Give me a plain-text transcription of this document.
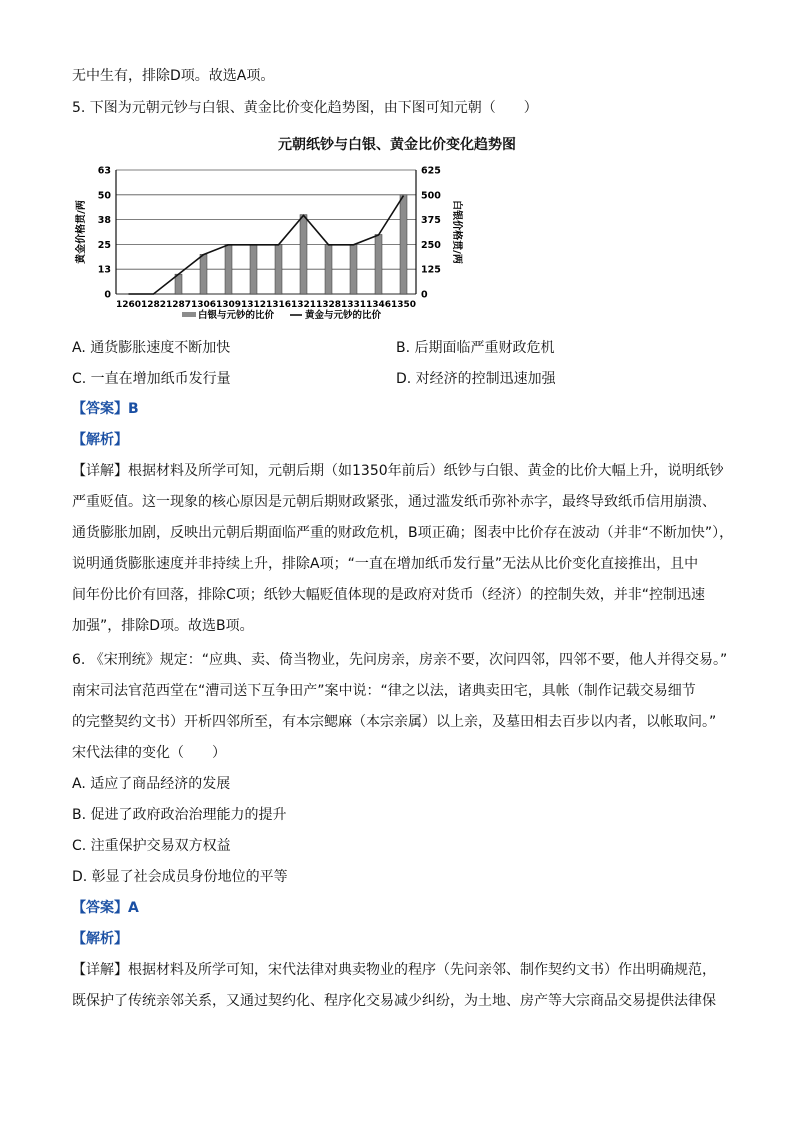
无中生有，排除D项。故选A项。
5. 下图为元朝元钞与白银、黄金比价变化趋势图，由下图可知元朝（　　）
元朝纸钞与白银、黄金比价变化趋势图
0
13
25
38
50
63
0
125
250
375
500
625
1260 1282 1287 1306 1309 1312 1316 1321 1328 1331 1346 1350
黄金价格贯/两	白银价格贯/两
白银与元钞的比价	黄金与元钞的比价
A. 通货膨胀速度不断加快	B. 后期面临严重财政危机
C. 一直在增加纸币发行量	D. 对经济的控制迅速加强
【答案】B
【解析】
【详解】根据材料及所学可知，元朝后期（如1350年前后）纸钞与白银、黄金的比价大幅上升，说明纸钞
严重贬值。这一现象的核心原因是元朝后期财政紧张，通过滥发纸币弥补赤字，最终导致纸币信用崩溃、
通货膨胀加剧，反映出元朝后期面临严重的财政危机，B项正确；图表中比价存在波动（并非“不断加快”），
说明通货膨胀速度并非持续上升，排除A项；“一直在增加纸币发行量”无法从比价变化直接推出，且中
间年份比价有回落，排除C项；纸钞大幅贬值体现的是政府对货币（经济）的控制失效，并非“控制迅速
加强”，排除D项。故选B项。
6. 《宋刑统》规定：“应典、卖、倚当物业，先问房亲，房亲不要，次问四邻，四邻不要，他人并得交易。”
南宋司法官范西堂在“漕司送下互争田产”案中说：“律之以法，诸典卖田宅，具帐（制作记载交易细节
的完整契约文书）开析四邻所至，有本宗鳃麻（本宗亲属）以上亲，及墓田相去百步以内者，以帐取问。”
宋代法律的变化（　　）
A. 适应了商品经济的发展
B. 促进了政府政治治理能力的提升
C. 注重保护交易双方权益
D. 彰显了社会成员身份地位的平等
【答案】A
【解析】
【详解】根据材料及所学可知，宋代法律对典卖物业的程序（先问亲邻、制作契约文书）作出明确规范，
既保护了传统亲邻关系，又通过契约化、程序化交易减少纠纷，为土地、房产等大宗商品交易提供法律保
